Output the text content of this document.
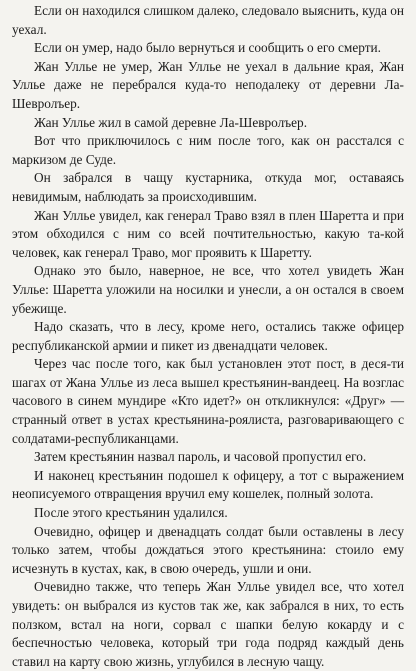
Если он находился слишком далеко, следовало выяснить, куда он уехал.

Если он умер, надо было вернуться и сообщить о его смерти.

Жан Уллье не умер, Жан Уллье не уехал в дальние края, Жан Уллье даже не перебрался куда-то неподалеку от деревни Ла-Шевролъер.

Жан Уллье жил в самой деревне Ла-Шевролъер.

Вот что приключилось с ним после того, как он расстался с маркизом де Суде.

Он забрался в чащу кустарника, откуда мог, оставаясь невидимым, наблюдать за происходившим.

Жан Уллье увидел, как генерал Траво взял в плен Шаретта и при этом обходился с ним со всей почтительностью, какую та-кой человек, как генерал Траво, мог проявить к Шаретту.

Однако это было, наверное, не все, что хотел увидеть Жан Уллье: Шаретта уложили на носилки и унесли, а он остался в своем убежище.

Надо сказать, что в лесу, кроме него, остались также офицер республиканской армии и пикет из двенадцати человек.

Через час после того, как был установлен этот пост, в деся-ти шагах от Жана Уллье из леса вышел крестьянин-вандеец. На возглас часового в синем мундире «Кто идет?» он откликнулся: «Друг» — странный ответ в устах крестьянина-роялиста, разговаривающего с солдатами-республиканцами.

Затем крестьянин назвал пароль, и часовой пропустил его.

И наконец крестьянин подошел к офицеру, а тот с выражением неописуемого отвращения вручил ему кошелек, полный золота.

После этого крестьянин удалился.

Очевидно, офицер и двенадцать солдат были оставлены в лесу только затем, чтобы дождаться этого крестьянина: стоило ему исчезнуть в кустах, как, в свою очередь, ушли и они.

Очевидно также, что теперь Жан Уллье увидел все, что хотел увидеть: он выбрался из кустов так же, как забрался в них, то есть ползком, встал на ноги, сорвал с шапки белую кокарду и с беспечностью человека, который три года подряд каждый день ставил на карту свою жизнь, углубился в лесную чащу.
